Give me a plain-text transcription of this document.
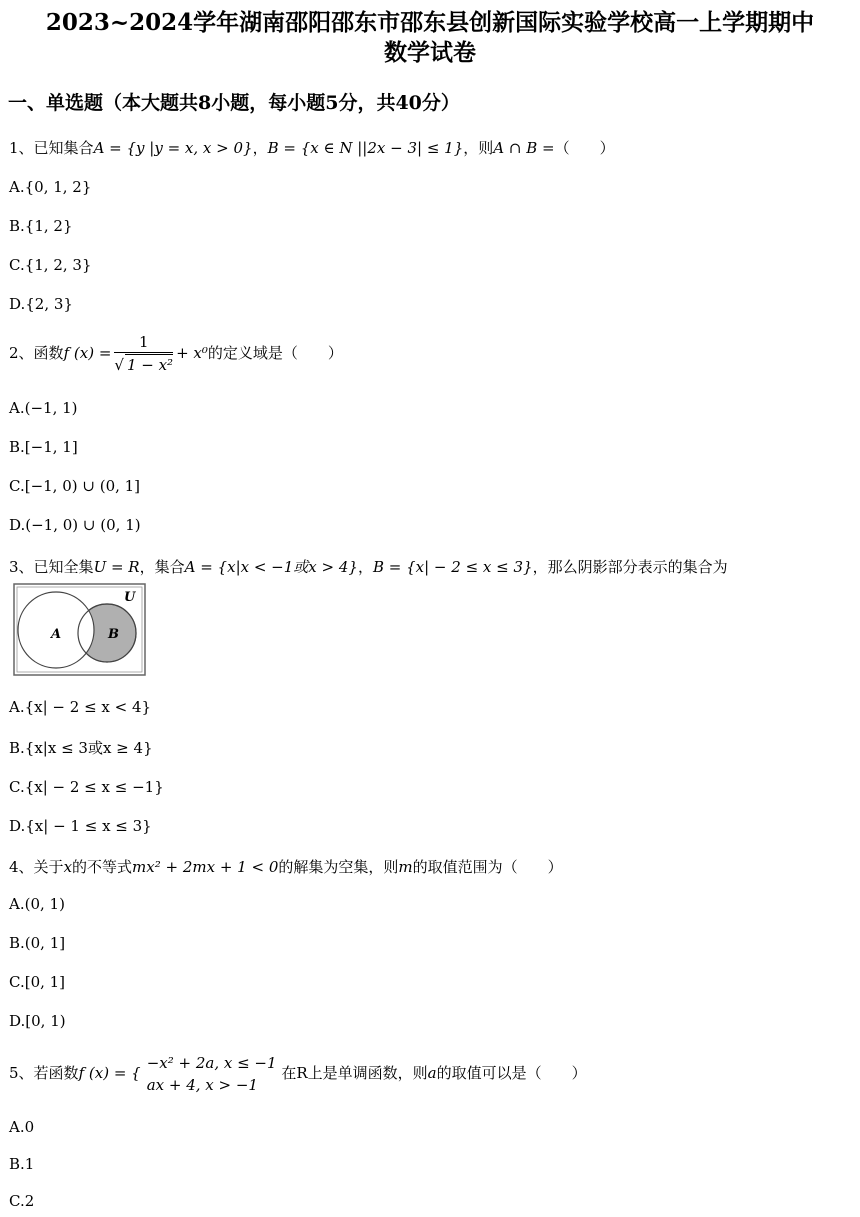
2023~2024学年湖南邵阳邵东市邵东县创新国际实验学校高一上学期期中
数学试卷
一、单选题（本大题共8小题，每小题5分，共40分）
1、已知集合A = {y |y = x, x > 0}，B = {x ∈ N ||2x − 3| ≤ 1}，则A ∩ B =（　　）
A.{0, 1, 2}
B.{1, 2}
C.{1, 2, 3}
D.{2, 3}
2、函数f $(x) = \frac{1}{\text{√ 1 − x²}} + x^0$的定义域是（　　）
A.(−1, 1)
B.[−1, 1]
C.[−1, 0) ∪ (0, 1]
D.(−1, 0) ∪ (0, 1)
3、已知全集U = R，集合A = {x|x < −1或x > 4}，B = {x| − 2 ≤ x ≤ 3}，那么阴影部分表示的集合为
A	B
U
A.{x| − 2 ≤ x < 4}
B.{x|x ≤ 3或x ≥ 4}
C.{x| − 2 ≤ x ≤ −1}
D.{x| − 1 ≤ x ≤ 3}
4、关于x的不等式mx² + 2mx + 1 < 0的解集为空集，则m的取值范围为（　　）
A.(0, 1)
B.(0, 1]
C.[0, 1]
D.[0, 1)
5、若函数f (x) = {
−x² + 2a, x ≤ −1
ax + 4, x > −1
在R上是单调函数，则a的取值可以是（　　）
A.0
B.1
C.2
